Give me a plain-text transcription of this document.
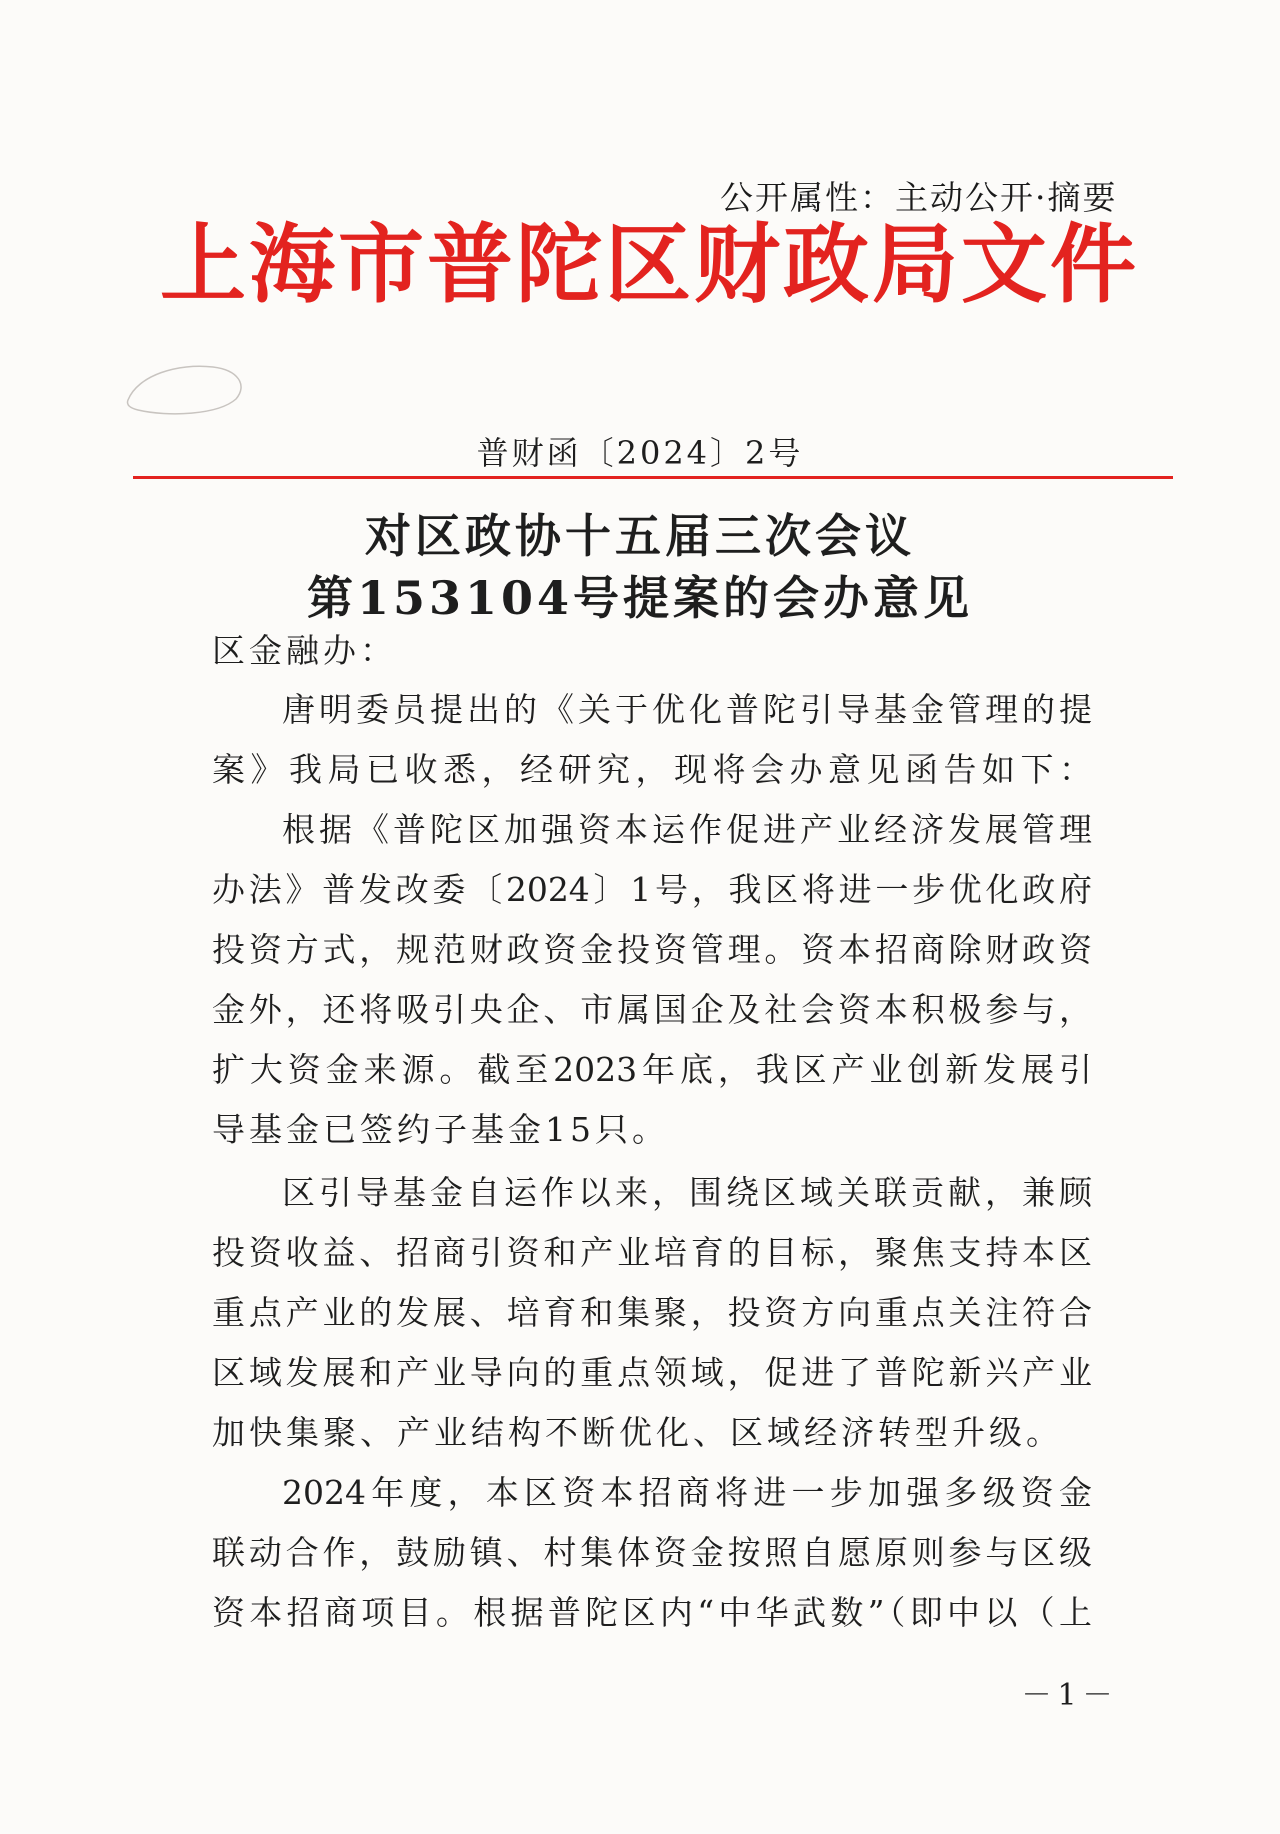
公开属性：主动公开·摘要
上海市普陀区财政局文件
普财函〔2024〕2号
对区政协十五届三次会议
第153104号提案的会办意见
区金融办：
唐明委员提出的《关于优化普陀引导基金管理的提
案》我局已收悉，经研究，现将会办意见函告如下：
根据《普陀区加强资本运作促进产业经济发展管理
办法》普发改委〔2024〕1号，我区将进一步优化政府
投资方式，规范财政资金投资管理。资本招商除财政资
金外，还将吸引央企、市属国企及社会资本积极参与，
扩大资金来源。截至2023年底，我区产业创新发展引
导基金已签约子基金15只。
区引导基金自运作以来，围绕区域关联贡献，兼顾
投资收益、招商引资和产业培育的目标，聚焦支持本区
重点产业的发展、培育和集聚，投资方向重点关注符合
区域发展和产业导向的重点领域，促进了普陀新兴产业
加快集聚、产业结构不断优化、区域经济转型升级。
2024年度，本区资本招商将进一步加强多级资金
联动合作，鼓励镇、村集体资金按照自愿原则参与区级
资本招商项目。根据普陀区内“中华武数”（即中以（上
－1－
